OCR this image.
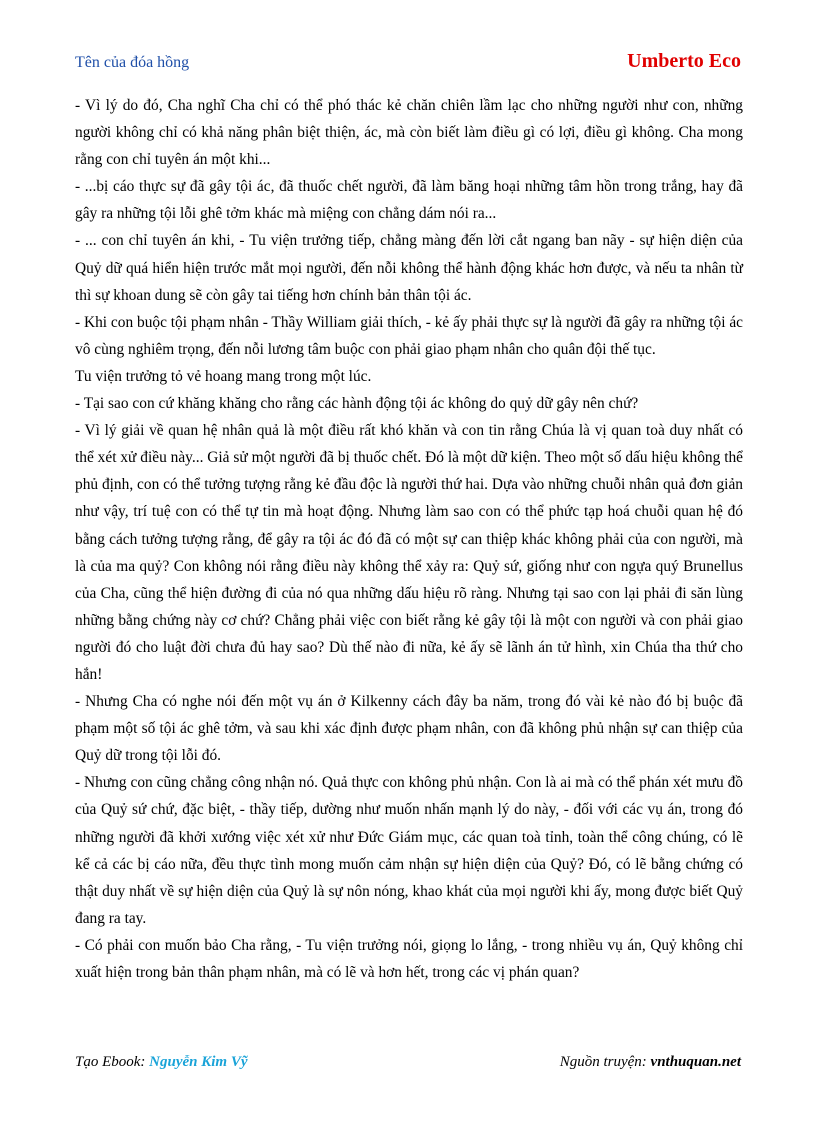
Tên của đóa hồng	Umberto Eco

- Vì lý do đó, Cha nghĩ Cha chỉ có thể phó thác kẻ chăn chiên lầm lạc cho những người như con, những người không chỉ có khả năng phân biệt thiện, ác, mà còn biết làm điều gì có lợi, điều gì không. Cha mong rằng con chỉ tuyên án một khi...

- ...bị cáo thực sự đã gây tội ác, đã thuốc chết người, đã làm băng hoại những tâm hồn trong trắng, hay đã gây ra những tội lỗi ghê tởm khác mà miệng con chẳng dám nói ra...

- ... con chỉ tuyên án khi, - Tu viện trưởng tiếp, chẳng màng đến lời cắt ngang ban nãy - sự hiện diện của Quỷ dữ quá hiển hiện trước mắt mọi người, đến nỗi không thể hành động khác hơn được, và nếu ta nhân từ thì sự khoan dung sẽ còn gây tai tiếng hơn chính bản thân tội ác.

- Khi con buộc tội phạm nhân - Thầy William giải thích, - kẻ ấy phải thực sự là người đã gây ra những tội ác vô cùng nghiêm trọng, đến nỗi lương tâm buộc con phải giao phạm nhân cho quân đội thế tục.

Tu viện trưởng tỏ vẻ hoang mang trong một lúc.

- Tại sao con cứ khăng khăng cho rằng các hành động tội ác không do quỷ dữ gây nên chứ?

- Vì lý giải về quan hệ nhân quả là một điều rất khó khăn và con tin rằng Chúa là vị quan toà duy nhất có thể xét xử điều này... Giả sử một người đã bị thuốc chết. Đó là một dữ kiện. Theo một số dấu hiệu không thể phủ định, con có thể tưởng tượng rằng kẻ đầu độc là người thứ hai. Dựa vào những chuỗi nhân quả đơn giản như vậy, trí tuệ con có thể tự tin mà hoạt động. Nhưng làm sao con có thể phức tạp hoá chuỗi quan hệ đó bằng cách tưởng tượng rằng, để gây ra tội ác đó đã có một sự can thiệp khác không phải của con người, mà là của ma quỷ? Con không nói rằng điều này không thể xảy ra: Quỷ sứ, giống như con ngựa quý Brunellus của Cha, cũng thể hiện đường đi của nó qua những dấu hiệu rõ ràng. Nhưng tại sao con lại phải đi săn lùng những bằng chứng này cơ chứ? Chẳng phải việc con biết rằng kẻ gây tội là một con người và con phải giao người đó cho luật đời chưa đủ hay sao? Dù thế nào đi nữa, kẻ ấy sẽ lãnh án tử hình, xin Chúa tha thứ cho hắn!

- Nhưng Cha có nghe nói đến một vụ án ở Kilkenny cách đây ba năm, trong đó vài kẻ nào đó bị buộc đã phạm một số tội ác ghê tởm, và sau khi xác định được phạm nhân, con đã không phủ nhận sự can thiệp của Quỷ dữ trong tội lỗi đó.

- Nhưng con cũng chẳng công nhận nó. Quả thực con không phủ nhận. Con là ai mà có thể phán xét mưu đồ của Quỷ sứ chứ, đặc biệt, - thầy tiếp, dường như muốn nhấn mạnh lý do này, - đối với các vụ án, trong đó những người đã khởi xướng việc xét xử như Đức Giám mục, các quan toà tỉnh, toàn thể công chúng, có lẽ kể cả các bị cáo nữa, đều thực tình mong muốn cảm nhận sự hiện diện của Quỷ? Đó, có lẽ bằng chứng có thật duy nhất về sự hiện diện của Quỷ là sự nôn nóng, khao khát của mọi người khi ấy, mong được biết Quỷ đang ra tay.

- Có phải con muốn bảo Cha rằng, - Tu viện trưởng nói, giọng lo lắng, - trong nhiều vụ án, Quỷ không chỉ xuất hiện trong bản thân phạm nhân, mà có lẽ và hơn hết, trong các vị phán quan?

Tạo Ebook: Nguyễn Kim Vỹ	Nguồn truyện: vnthuquan.net
